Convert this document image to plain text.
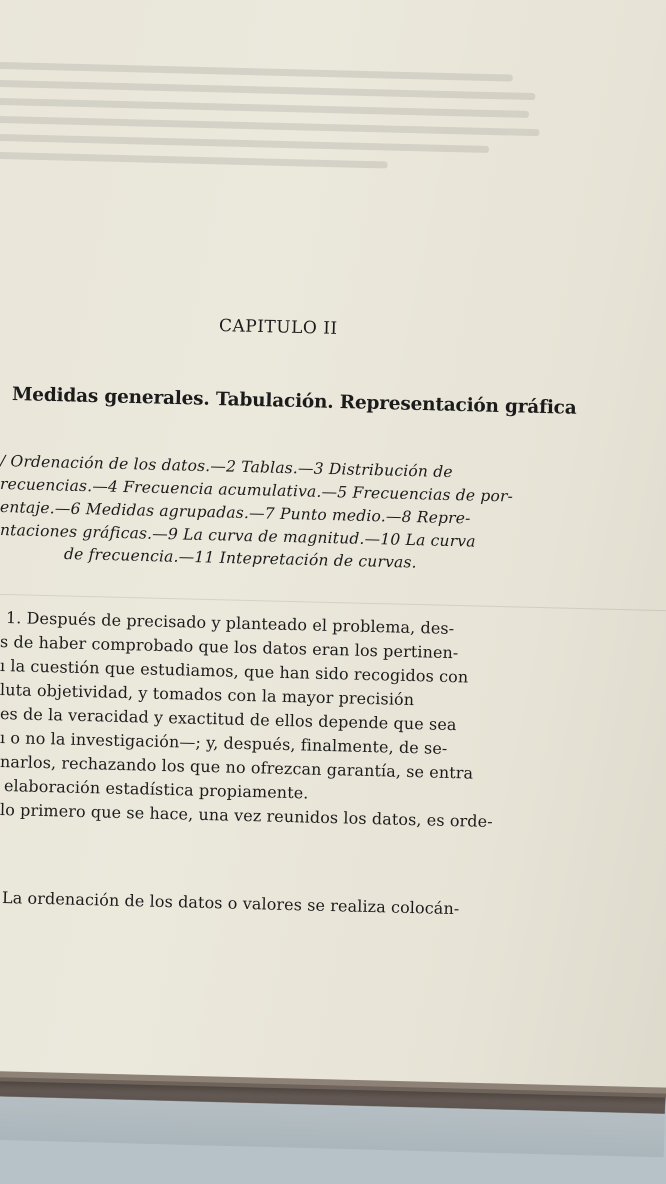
CAPITULO II
Medidas generales. Tabulación. Representación gráfica
/ Ordenación de los datos.—2 Tablas.—3 Distribución de
recuencias.—4 Frecuencia acumulativa.—5 Frecuencias de por-
entaje.—6 Medidas agrupadas.—7 Punto medio.—8 Repre-
ntaciones gráficas.—9 La curva de magnitud.—10 La curva
de frecuencia.—11 Intepretación de curvas.
1. Después de precisado y planteado el problema, des-
s de haber comprobado que los datos eran los pertinen-
ı la cuestión que estudiamos, que han sido recogidos con
luta objetividad, y tomados con la mayor precisión
es de la veracidad y exactitud de ellos depende que sea
ı o no la investigación—; y, después, finalmente, de se-
narlos, rechazando los que no ofrezcan garantía, se entra
elaboración estadística propiamente.
lo primero que se hace, una vez reunidos los datos, es orde-
La ordenación de los datos o valores se realiza colocán-
